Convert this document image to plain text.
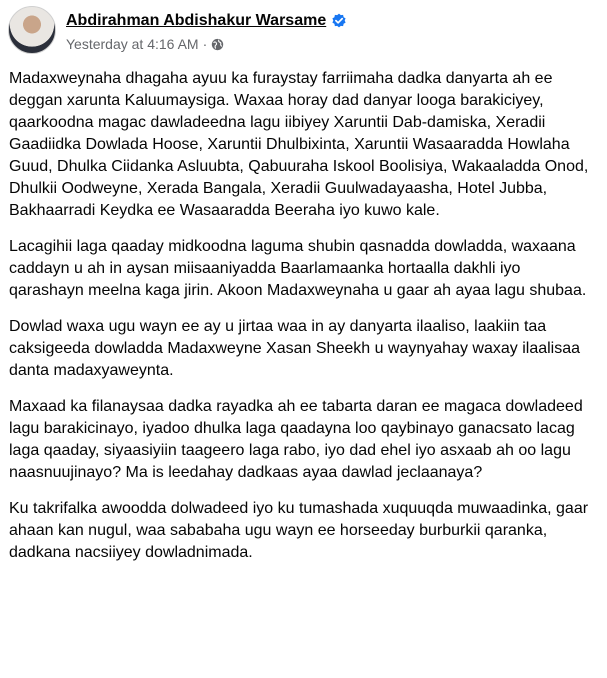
Abdirahman Abdishakur Warsame
Yesterday at 4:16 AM ·

Madaxweynaha dhagaha ayuu ka furaystay farriimaha dadka danyarta ah ee deggan xarunta Kaluumaysiga. Waxaa horay dad danyar looga barakiciyey, qaarkoodna magac dawladeedna lagu iibiyey Xaruntii Dab-damiska, Xeradii Gaadiidka Dowlada Hoose, Xaruntii Dhulbixinta, Xaruntii Wasaaradda Howlaha Guud, Dhulka Ciidanka Asluubta, Qabuuraha Iskool Boolisiya, Wakaaladda Onod, Dhulkii Oodweyne, Xerada Bangala, Xeradii Guulwadayaasha, Hotel Jubba, Bakhaarradi Keydka ee Wasaaradda Beeraha iyo kuwo kale.

Lacagihii laga qaaday midkoodna laguma shubin qasnadda dowladda, waxaana caddayn u ah in aysan miisaaniyadda Baarlamaanka hortaalla dakhli iyo qarashayn meelna kaga jirin. Akoon Madaxweynaha u gaar ah ayaa lagu shubaa.

Dowlad waxa ugu wayn ee ay u jirtaa waa in ay danyarta ilaaliso, laakiin taa caksigeeda dowladda Madaxweyne Xasan Sheekh u waynyahay waxay ilaalisaa danta madaxyaweynta.

Maxaad ka filanaysaa dadka rayadka ah ee tabarta daran ee magaca dowladeed lagu barakicinayo, iyadoo dhulka laga qaadayna loo qaybinayo ganacsato lacag laga qaaday, siyaasiyiin taageero laga rabo, iyo dad ehel iyo asxaab ah oo lagu naasnuujinayo? Ma is leedahay dadkaas ayaa dawlad jeclaanaya?

Ku takrifalka awoodda dolwadeed iyo ku tumashada xuquuqda muwaadinka, gaar ahaan kan nugul, waa sababaha ugu wayn ee horseeday burburkii qaranka, dadkana nacsiiyey dowladnimada.
